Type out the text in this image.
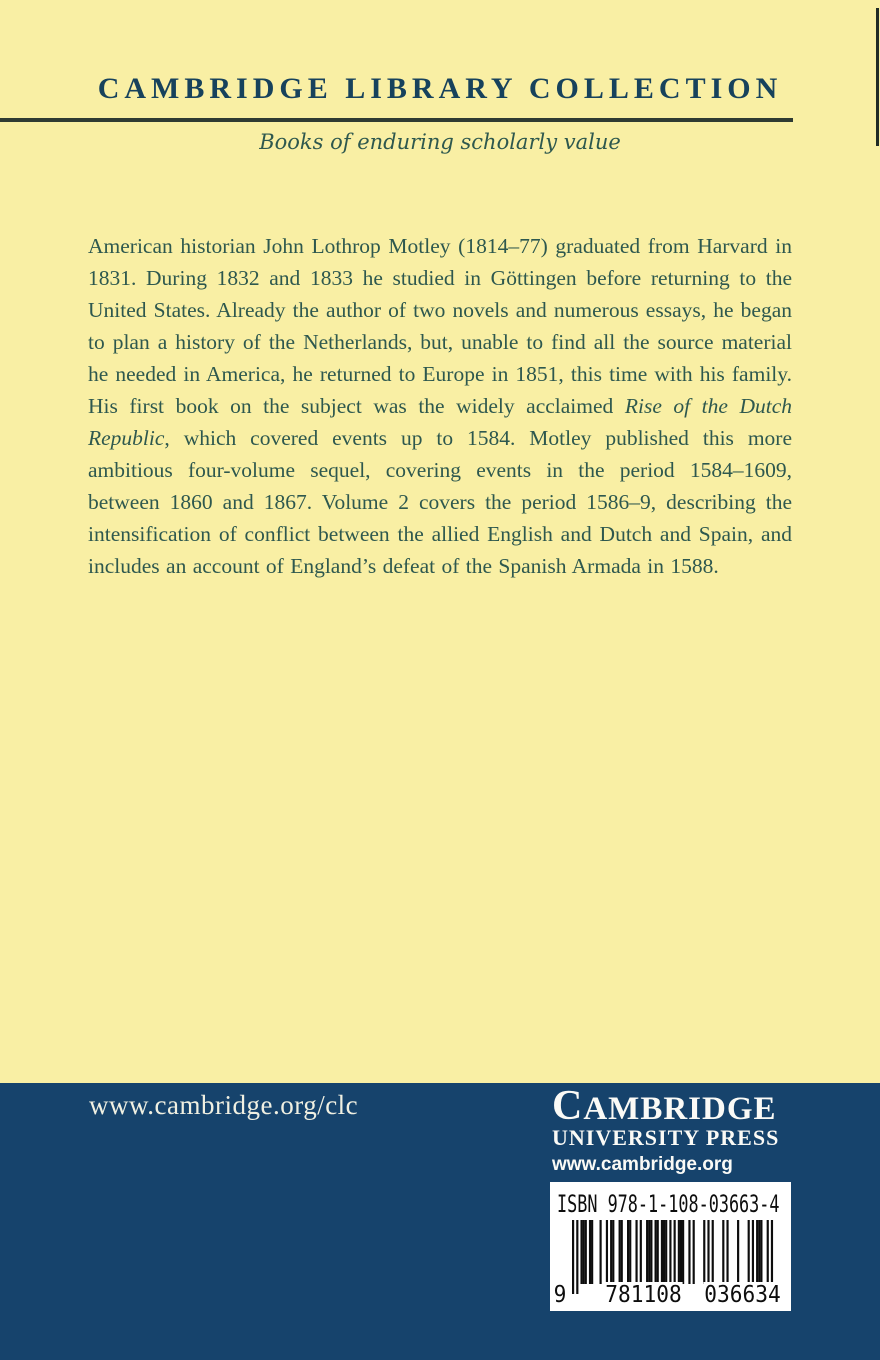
CAMBRIDGE LIBRARY COLLECTION
Books of enduring scholarly value

American historian John Lothrop Motley (1814–77) graduated from Harvard in 1831. During 1832 and 1833 he studied in Göttingen before returning to the United States. Already the author of two novels and numerous essays, he began to plan a history of the Netherlands, but, unable to find all the source material he needed in America, he returned to Europe in 1851, this time with his family. His first book on the subject was the widely acclaimed Rise of the Dutch Republic, which covered events up to 1584. Motley published this more ambitious four-volume sequel, covering events in the period 1584–1609, between 1860 and 1867. Volume 2 covers the period 1586–9, describing the intensification of conflict between the allied English and Dutch and Spain, and includes an account of England’s defeat of the Spanish Armada in 1588.

www.cambridge.org/clc	CAMBRIDGE
UNIVERSITY PRESS
www.cambridge.org
ISBN 978-1-108-03663-4
9 781108 036634
